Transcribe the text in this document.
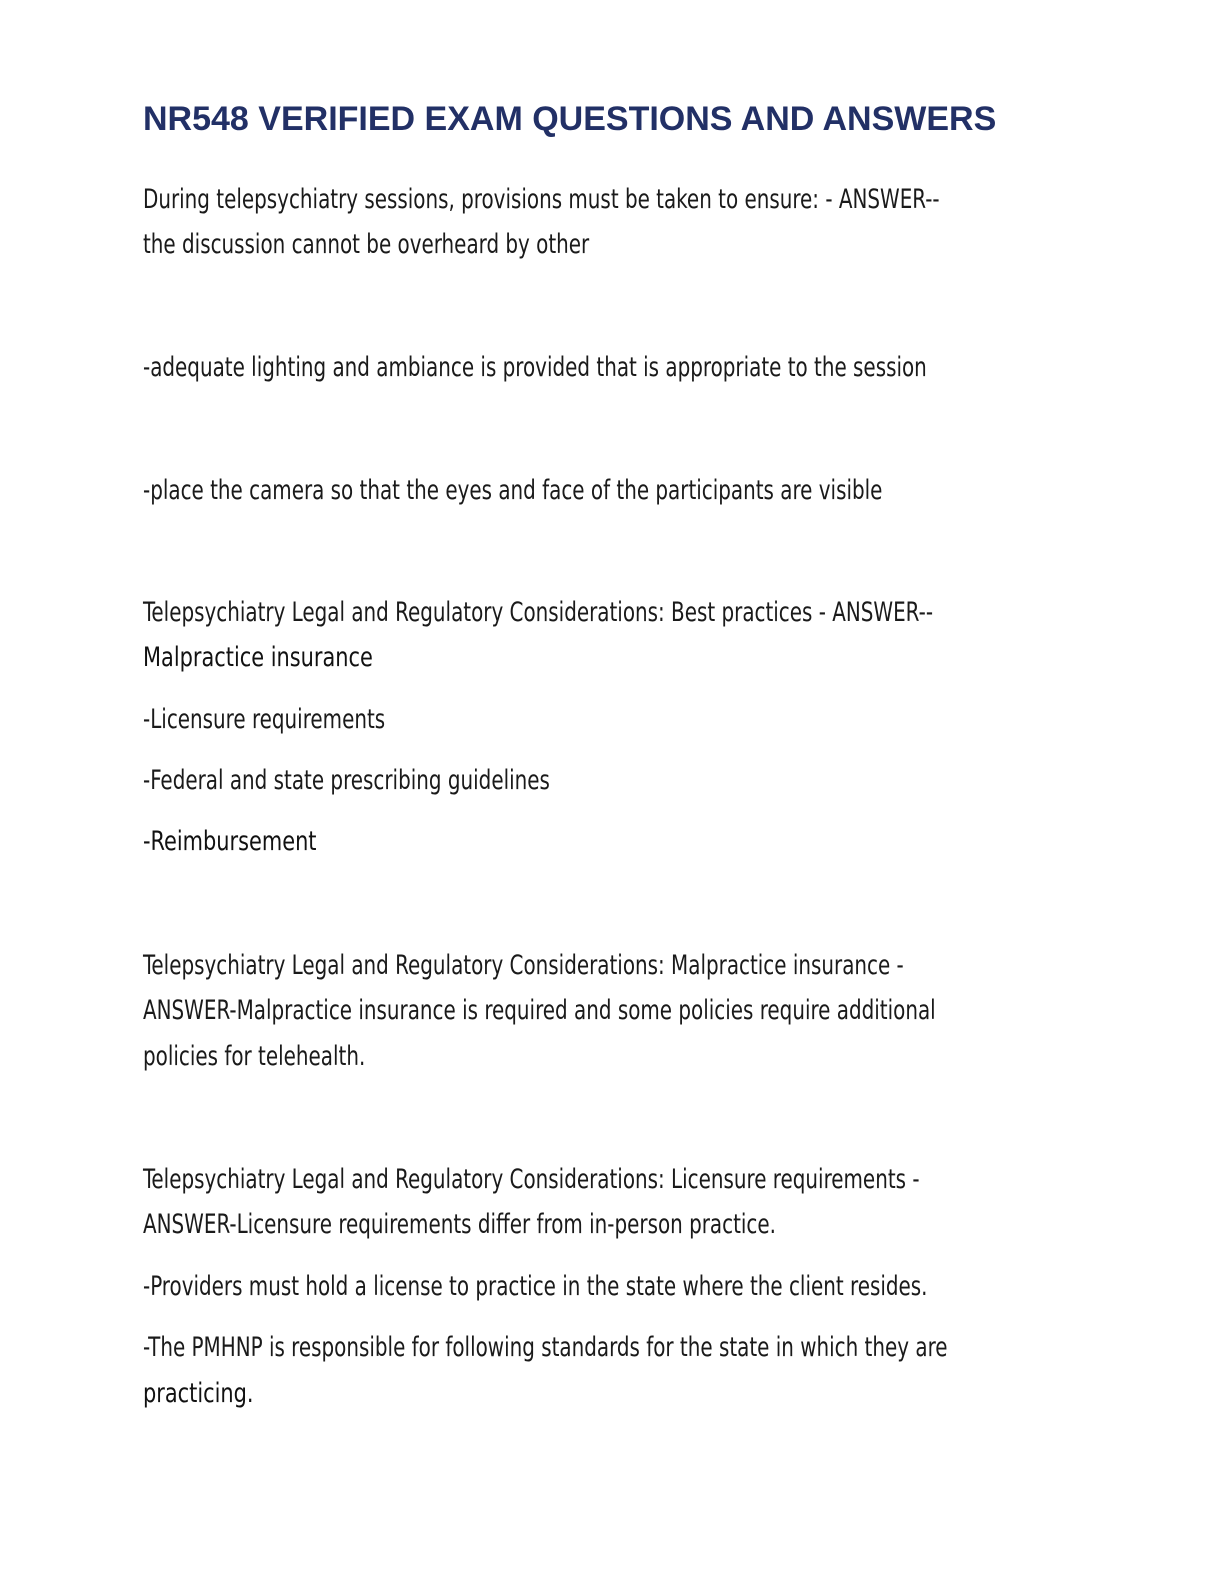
NR548 VERIFIED EXAM QUESTIONS AND ANSWERS

During telepsychiatry sessions, provisions must be taken to ensure: - ANSWER--

the discussion cannot be overheard by other

-adequate lighting and ambiance is provided that is appropriate to the session

-place the camera so that the eyes and face of the participants are visible

Telepsychiatry Legal and Regulatory Considerations: Best practices - ANSWER--

Malpractice insurance

-Licensure requirements

-Federal and state prescribing guidelines

-Reimbursement

Telepsychiatry Legal and Regulatory Considerations: Malpractice insurance -

ANSWER-Malpractice insurance is required and some policies require additional

policies for telehealth.

Telepsychiatry Legal and Regulatory Considerations: Licensure requirements -

ANSWER-Licensure requirements differ from in-person practice.

-Providers must hold a license to practice in the state where the client resides.

-The PMHNP is responsible for following standards for the state in which they are

practicing.
